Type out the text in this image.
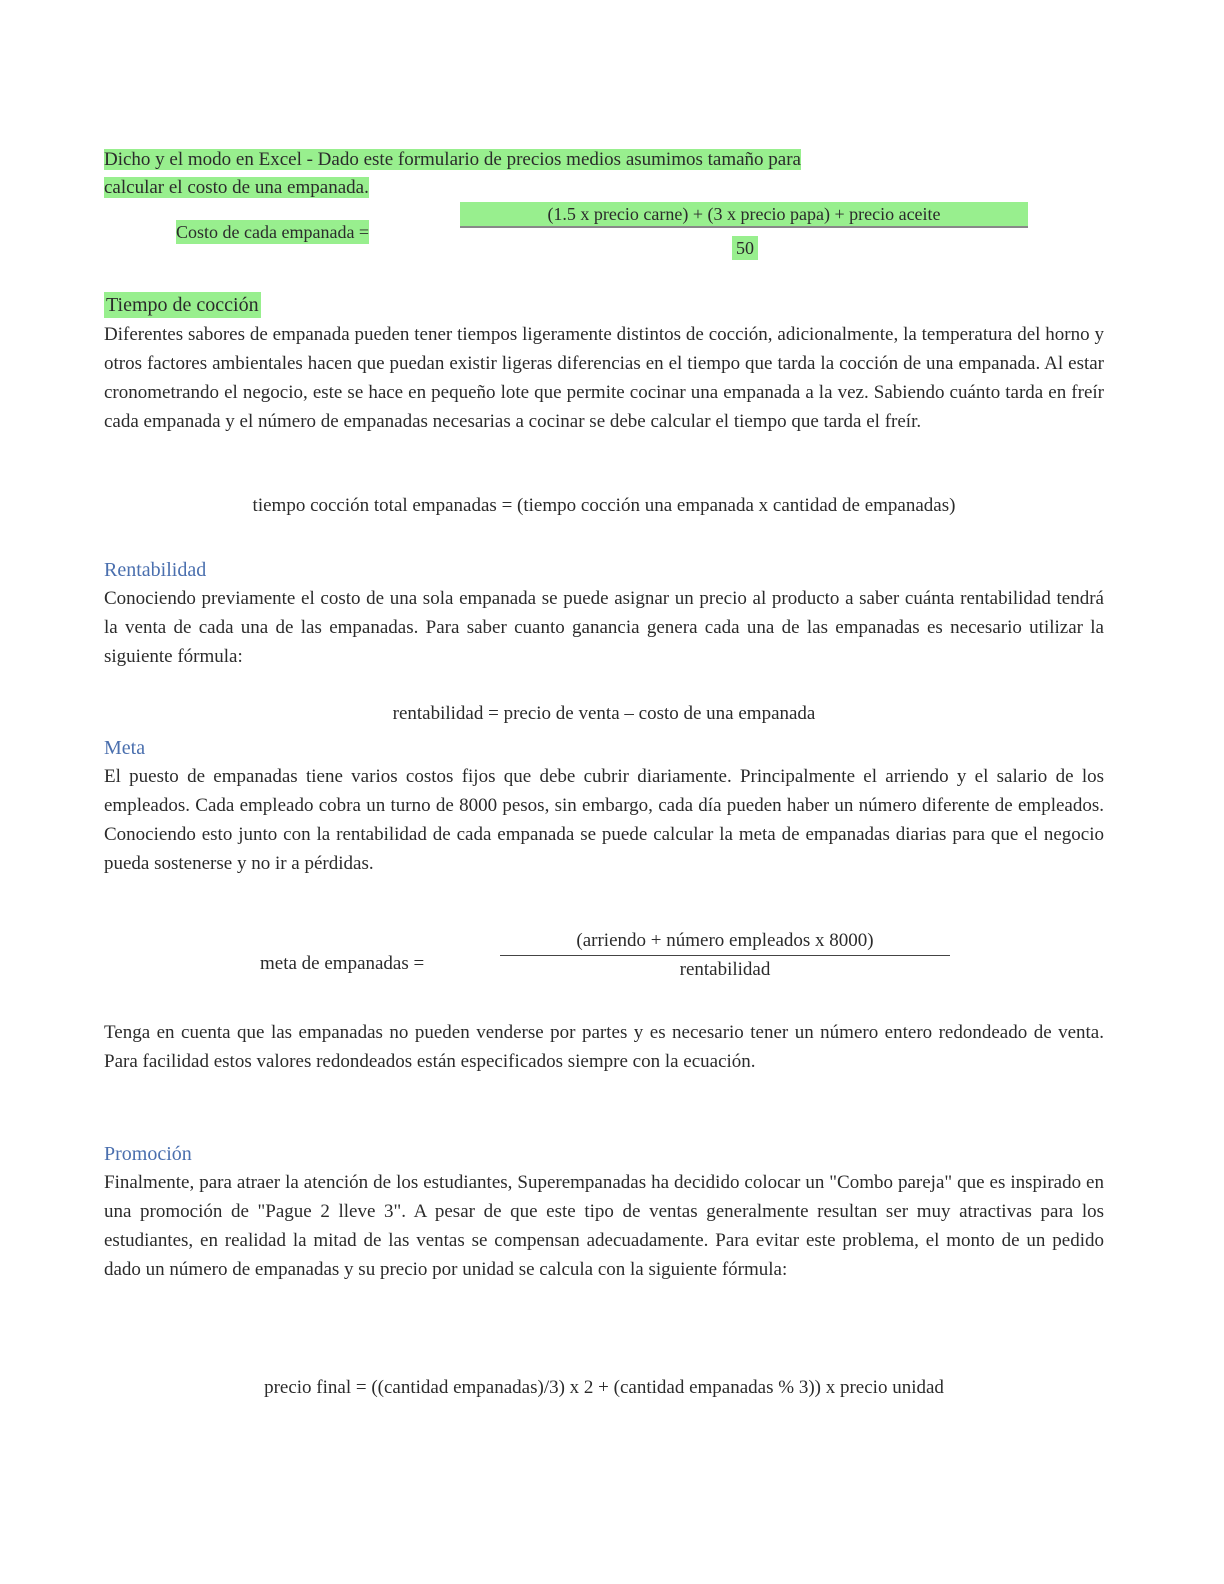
Dicho y el modo en Excel - Dado este formulario de precios medios asumimos tamaño para
calcular el costo de una empanada.
Costo de cada empanada =
(1.5 x precio carne) + (3 x precio papa) + precio aceite
50
Tiempo de cocción

Diferentes sabores de empanada pueden tener tiempos ligeramente distintos de cocción, adicionalmente, la temperatura del horno y otros factores ambientales hacen que puedan existir ligeras diferencias en el tiempo que tarda la cocción de una empanada. Al estar cronometrando el negocio, este se hace en pequeño lote que permite cocinar una empanada a la vez. Sabiendo cuánto tarda en freír cada empanada y el número de empanadas necesarias a cocinar se debe calcular el tiempo que tarda el freír.

tiempo cocción total empanadas = (tiempo cocción una empanada x cantidad de empanadas)

Rentabilidad

Conociendo previamente el costo de una sola empanada se puede asignar un precio al producto a saber cuánta rentabilidad tendrá la venta de cada una de las empanadas. Para saber cuanto ganancia genera cada una de las empanadas es necesario utilizar la siguiente fórmula:

rentabilidad = precio de venta – costo de una empanada

Meta

El puesto de empanadas tiene varios costos fijos que debe cubrir diariamente. Principalmente el arriendo y el salario de los empleados. Cada empleado cobra un turno de 8000 pesos, sin embargo, cada día pueden haber un número diferente de empleados. Conociendo esto junto con la rentabilidad de cada empanada se puede calcular la meta de empanadas diarias para que el negocio pueda sostenerse y no ir a pérdidas.

meta de empanadas =
(arriendo + número empleados x 8000)
rentabilidad

Tenga en cuenta que las empanadas no pueden venderse por partes y es necesario tener un número entero redondeado de venta. Para facilidad estos valores redondeados están especificados siempre con la ecuación.

Promoción

Finalmente, para atraer la atención de los estudiantes, Superempanadas ha decidido colocar un "Combo pareja" que es inspirado en una promoción de "Pague 2 lleve 3". A pesar de que este tipo de ventas generalmente resultan ser muy atractivas para los estudiantes, en realidad la mitad de las ventas se compensan adecuadamente. Para evitar este problema, el monto de un pedido dado un número de empanadas y su precio por unidad se calcula con la siguiente fórmula:

precio final = ((cantidad empanadas)/3) x 2 + (cantidad empanadas % 3)) x precio unidad
